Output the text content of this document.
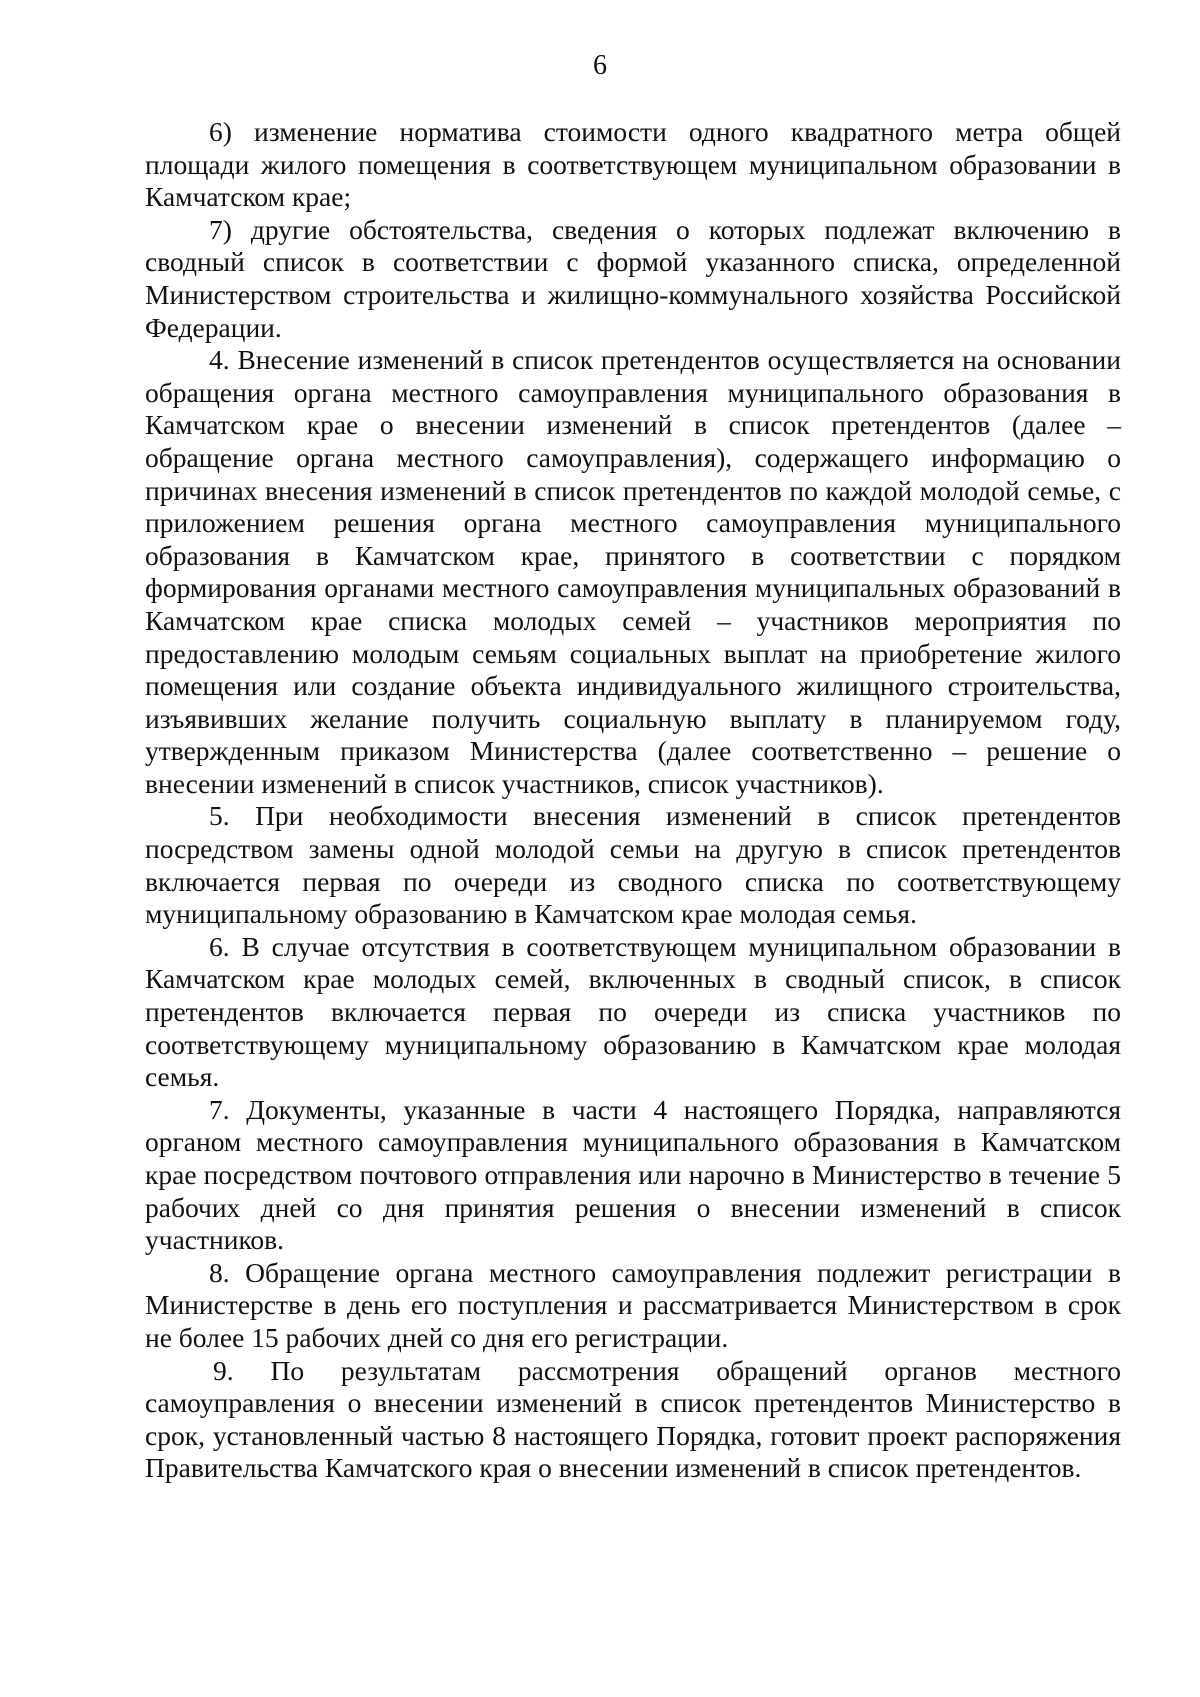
6

6) изменение норматива стоимости одного квадратного метра общей площади жилого помещения в соответствующем муниципальном образовании в Камчатском крае;

7) другие обстоятельства, сведения о которых подлежат включению в сводный список в соответствии с формой указанного списка, определенной Министерством строительства и жилищно-коммунального хозяйства Российской Федерации.

4. Внесение изменений в список претендентов осуществляется на основании обращения органа местного самоуправления муниципального образования в Камчатском крае о внесении изменений в список претендентов (далее – обращение органа местного самоуправления), содержащего информацию о причинах внесения изменений в список претендентов по каждой молодой семье, с приложением решения органа местного самоуправления муниципального образования в Камчатском крае, принятого в соответствии с порядком формирования органами местного самоуправления муниципальных образований в Камчатском крае списка молодых семей – участников мероприятия по предоставлению молодым семьям социальных выплат на приобретение жилого помещения или создание объекта индивидуального жилищного строительства, изъявивших желание получить социальную выплату в планируемом году, утвержденным приказом Министерства (далее соответственно – решение о внесении изменений в список участников, список участников).

5. При необходимости внесения изменений в список претендентов посредством замены одной молодой семьи на другую в список претендентов включается первая по очереди из сводного списка по соответствующему муниципальному образованию в Камчатском крае молодая семья.

6. В случае отсутствия в соответствующем муниципальном образовании в Камчатском крае молодых семей, включенных в сводный список, в список претендентов включается первая по очереди из списка участников по соответствующему муниципальному образованию в Камчатском крае молодая семья.

7. Документы, указанные в части 4 настоящего Порядка, направляются органом местного самоуправления муниципального образования в Камчатском крае посредством почтового отправления или нарочно в Министерство в течение 5 рабочих дней со дня принятия решения о внесении изменений в список участников.

8. Обращение органа местного самоуправления подлежит регистрации в Министерстве в день его поступления и рассматривается Министерством в срок не более 15 рабочих дней со дня его регистрации.

9. По результатам рассмотрения обращений органов местного самоуправления о внесении изменений в список претендентов Министерство в срок, установленный частью 8 настоящего Порядка, готовит проект распоряжения Правительства Камчатского края о внесении изменений в список претендентов.
